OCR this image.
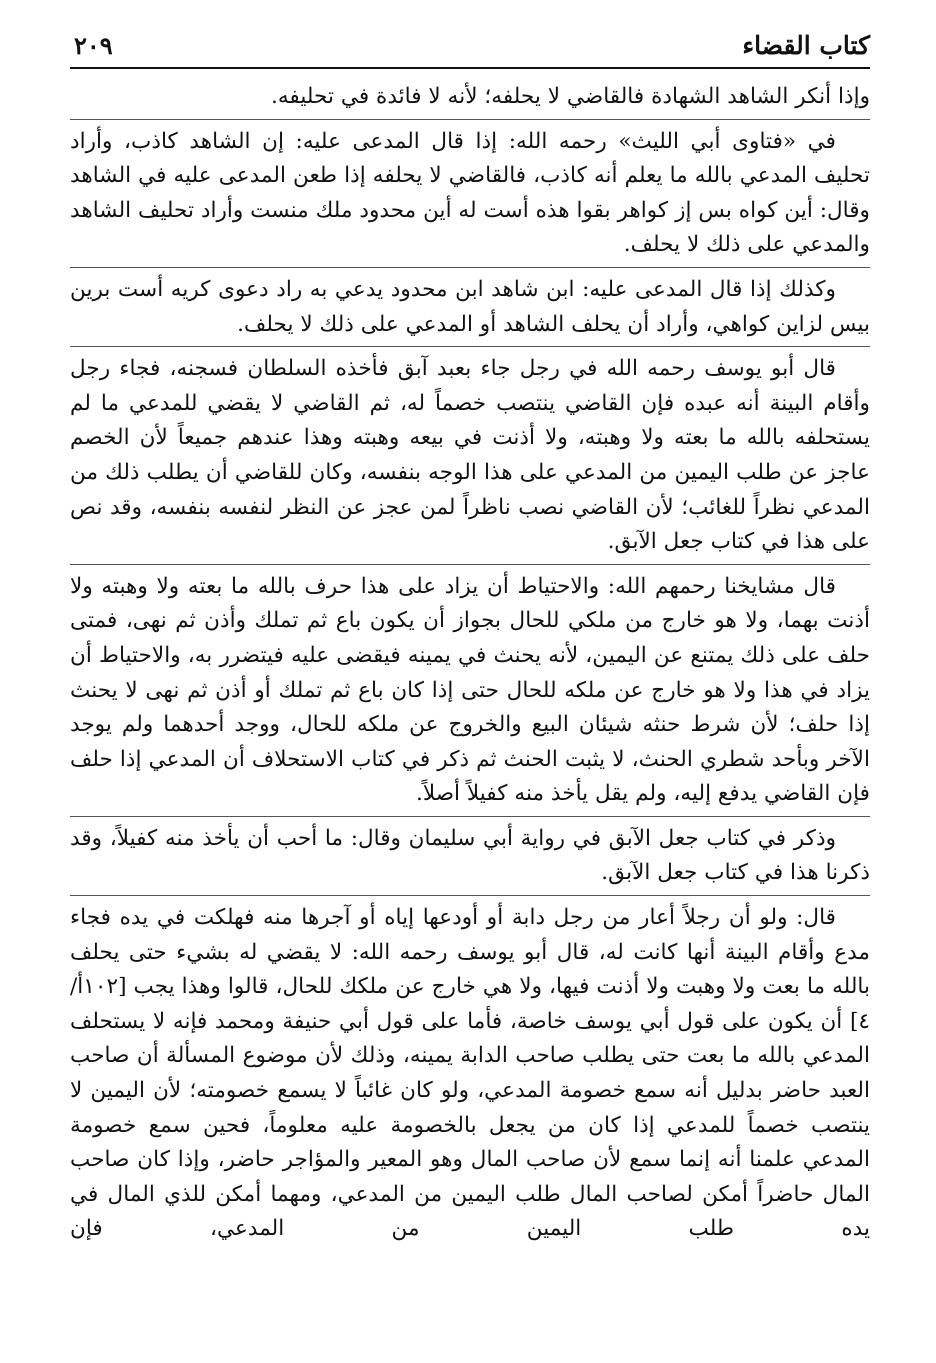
كتاب القضاء
٢٠٩

وإذا أنكر الشاهد الشهادة فالقاضي لا يحلفه؛ لأنه لا فائدة في تحليفه.

في «فتاوى أبي الليث» رحمه الله: إذا قال المدعى عليه: إن الشاهد كاذب، وأراد تحليف المدعي بالله ما يعلم أنه كاذب، فالقاضي لا يحلفه إذا طعن المدعى عليه في الشاهد وقال: أين كواه بس إز كواهر بقوا هذه أست له أين محدود ملك منست وأراد تحليف الشاهد والمدعي على ذلك لا يحلف.

وكذلك إذا قال المدعى عليه: ابن شاهد ابن محدود يدعي به راد دعوى كريه أست برين بيس لزاين كواهي، وأراد أن يحلف الشاهد أو المدعي على ذلك لا يحلف.

قال أبو يوسف رحمه الله في رجل جاء بعبد آبق فأخذه السلطان فسجنه، فجاء رجل وأقام البينة أنه عبده فإن القاضي ينتصب خصماً له، ثم القاضي لا يقضي للمدعي ما لم يستحلفه بالله ما بعته ولا وهبته، ولا أذنت في بيعه وهبته وهذا عندهم جميعاً لأن الخصم عاجز عن طلب اليمين من المدعي على هذا الوجه بنفسه، وكان للقاضي أن يطلب ذلك من المدعي نظراً للغائب؛ لأن القاضي نصب ناظراً لمن عجز عن النظر لنفسه بنفسه، وقد نص على هذا في كتاب جعل الآبق.

قال مشايخنا رحمهم الله: والاحتياط أن يزاد على هذا حرف بالله ما بعته ولا وهبته ولا أذنت بهما، ولا هو خارج من ملكي للحال بجواز أن يكون باع ثم تملك وأذن ثم نهى، فمتى حلف على ذلك يمتنع عن اليمين، لأنه يحنث في يمينه فيقضى عليه فيتضرر به، والاحتياط أن يزاد في هذا ولا هو خارج عن ملكه للحال حتى إذا كان باع ثم تملك أو أذن ثم نهى لا يحنث إذا حلف؛ لأن شرط حنثه شيئان البيع والخروج عن ملكه للحال، ووجد أحدهما ولم يوجد الآخر وبأحد شطري الحنث، لا يثبت الحنث ثم ذكر في كتاب الاستحلاف أن المدعي إذا حلف فإن القاضي يدفع إليه، ولم يقل يأخذ منه كفيلاً أصلاً.

وذكر في كتاب جعل الآبق في رواية أبي سليمان وقال: ما أحب أن يأخذ منه كفيلاً، وقد ذكرنا هذا في كتاب جعل الآبق.

قال: ولو أن رجلاً أعار من رجل دابة أو أودعها إياه أو آجرها منه فهلكت في يده فجاء مدع وأقام البينة أنها كانت له، قال أبو يوسف رحمه الله: لا يقضي له بشيء حتى يحلف بالله ما بعت ولا وهبت ولا أذنت فيها، ولا هي خارج عن ملكك للحال، قالوا وهذا يجب [١٠٢أ/٤] أن يكون على قول أبي يوسف خاصة، فأما على قول أبي حنيفة ومحمد فإنه لا يستحلف المدعي بالله ما بعت حتى يطلب صاحب الدابة يمينه، وذلك لأن موضوع المسألة أن صاحب العبد حاضر بدليل أنه سمع خصومة المدعي، ولو كان غائباً لا يسمع خصومته؛ لأن اليمين لا ينتصب خصماً للمدعي إذا كان من يجعل بالخصومة عليه معلوماً، فحين سمع خصومة المدعي علمنا أنه إنما سمع لأن صاحب المال وهو المعير والمؤاجر حاضر، وإذا كان صاحب المال حاضراً أمكن لصاحب المال طلب اليمين من المدعي، ومهما أمكن للذي المال في يده طلب اليمين من المدعي، فإن
